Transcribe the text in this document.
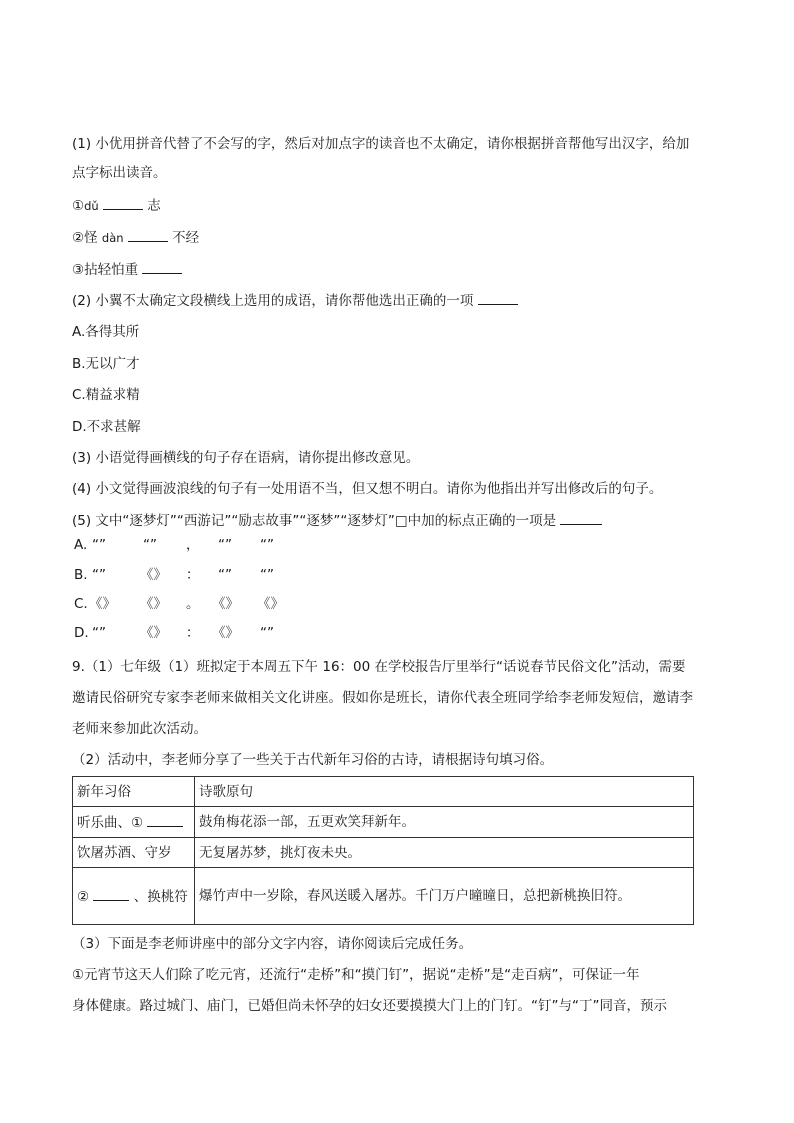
(1) 小优用拼音代替了不会写的字，然后对加点字的读音也不太确定，请你根据拼音帮他写出汉字，给加
点字标出读音。
①dǔ	志
②怪 dàn	不经
③拈轻怕重
(2) 小翼不太确定文段横线上选用的成语，请你帮他选出正确的一项
A.各得其所
B.无以广才
C.精益求精
D.不求甚解
(3) 小语觉得画横线的句子存在语病，请你提出修改意见。
(4) 小文觉得画波浪线的句子有一处用语不当，但又想不明白。请你为他指出并写出修改后的句子。
(5) 文中“逐梦灯”“西游记”“励志故事”“逐梦”“逐梦灯”□中加的标点正确的一项是
A. “”	“” ， “” “”
B. “”	《》 ： “” “”
C. 《》 《》 。 《》 《》
D. “”	《》 ： 《》 “”
9.（1）七年级（1）班拟定于本周五下午 16：00 在学校报告厅里举行“话说春节民俗文化”活动，需要
邀请民俗研究专家李老师来做相关文化讲座。假如你是班长，请你代表全班同学给李老师发短信，邀请李
老师来参加此次活动。
（2）活动中，李老师分享了一些关于古代新年习俗的古诗，请根据诗句填习俗。
新年习俗	诗歌原句
听乐曲、①	鼓角梅花添一部，五更欢笑拜新年。
饮屠苏酒、守岁	无复屠苏梦，挑灯夜未央。
② 、换桃符	爆竹声中一岁除，春风送暖入屠苏。千门万户曈曈日，总把新桃换旧符。
（3）下面是李老师讲座中的部分文字内容，请你阅读后完成任务。
①元宵节这天人们除了吃元宵，还流行“走桥”和“摸门钉”，据说“走桥”是“走百病”，可保证一年
身体健康。路过城门、庙门，已婚但尚未怀孕的妇女还要摸摸大门上的门钉。“钉”与“丁”同音，预示
